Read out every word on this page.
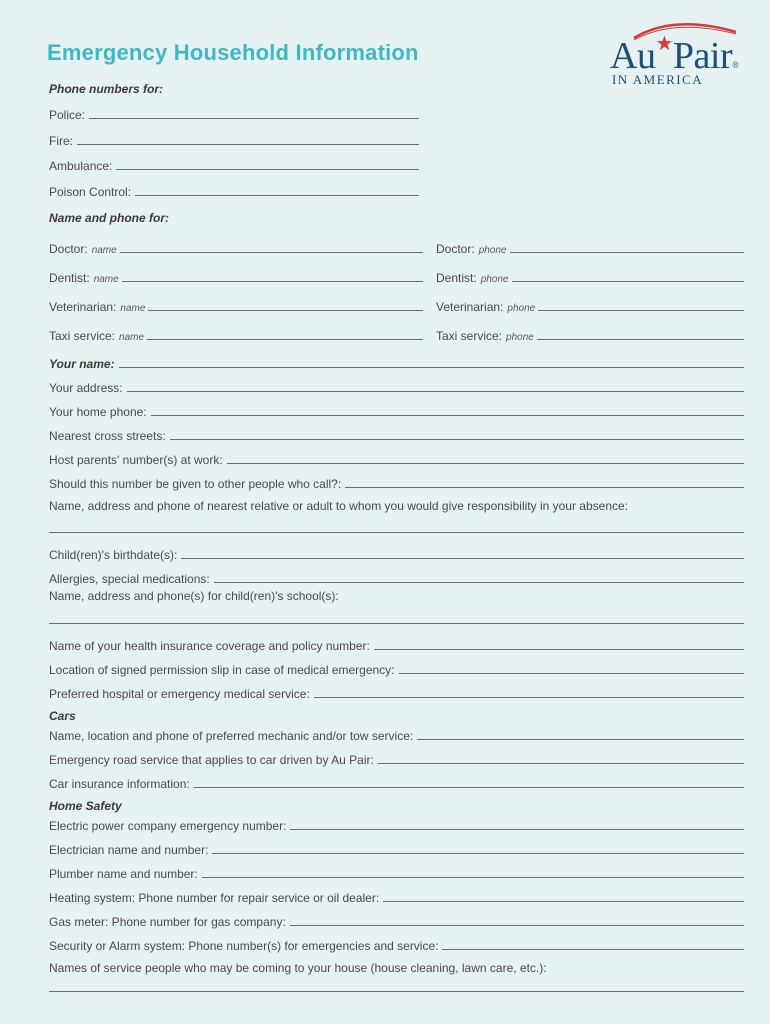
Emergency Household Information	Au★Pair®
IN AMERICA
Phone numbers for:
Police:
Fire:
Ambulance:
Poison Control:
Name and phone for:
Doctor: name	Doctor: phone
Dentist: name	Dentist: phone
Veterinarian: name	Veterinarian: phone
Taxi service: name	Taxi service: phone
Your name:
Your address:
Your home phone:
Nearest cross streets:
Host parents' number(s) at work:
Should this number be given to other people who call?:
Name, address and phone of nearest relative or adult to whom you would give responsibility in your absence:
Child(ren)'s birthdate(s):
Allergies, special medications:
Name, address and phone(s) for child(ren)'s school(s):
Name of your health insurance coverage and policy number:
Location of signed permission slip in case of medical emergency:
Preferred hospital or emergency medical service:
Cars
Name, location and phone of preferred mechanic and/or tow service:
Emergency road service that applies to car driven by Au Pair:
Car insurance information:
Home Safety
Electric power company emergency number:
Electrician name and number:
Plumber name and number:
Heating system: Phone number for repair service or oil dealer:
Gas meter: Phone number for gas company:
Security or Alarm system: Phone number(s) for emergencies and service:
Names of service people who may be coming to your house (house cleaning, lawn care, etc.):
